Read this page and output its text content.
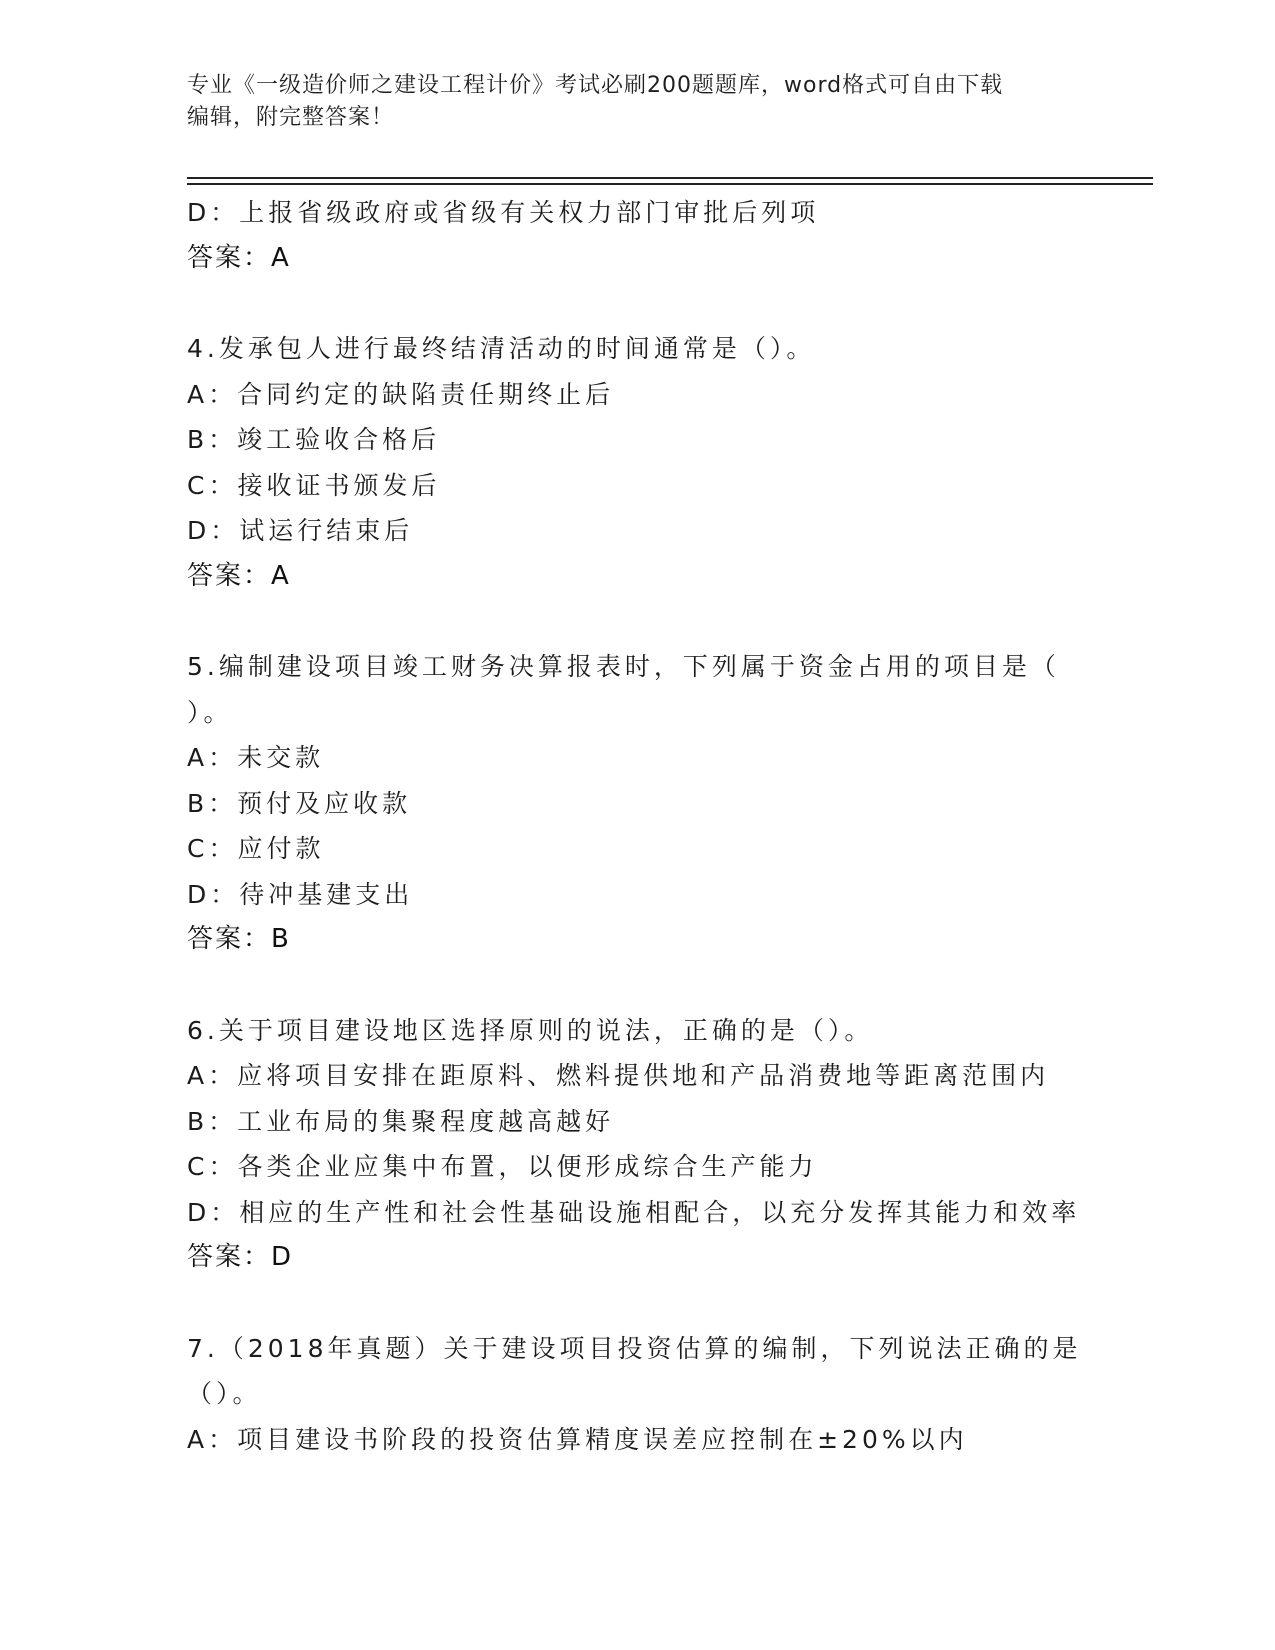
专业《一级造价师之建设工程计价》考试必刷200题题库，word格式可自由下载
编辑，附完整答案！
D：上报省级政府或省级有关权力部门审批后列项
答案：A
4.发承包人进行最终结清活动的时间通常是（）。
A：合同约定的缺陷责任期终止后
B：竣工验收合格后
C：接收证书颁发后
D：试运行结束后
答案：A
5.编制建设项目竣工财务决算报表时，下列属于资金占用的项目是（
）。
A：未交款
B：预付及应收款
C：应付款
D：待冲基建支出
答案：B
6.关于项目建设地区选择原则的说法，正确的是（）。
A：应将项目安排在距原料、燃料提供地和产品消费地等距离范围内
B：工业布局的集聚程度越高越好
C：各类企业应集中布置，以便形成综合生产能力
D：相应的生产性和社会性基础设施相配合，以充分发挥其能力和效率
答案：D
7.（2018年真题）关于建设项目投资估算的编制，下列说法正确的是
（）。
A：项目建设书阶段的投资估算精度误差应控制在±20%以内
